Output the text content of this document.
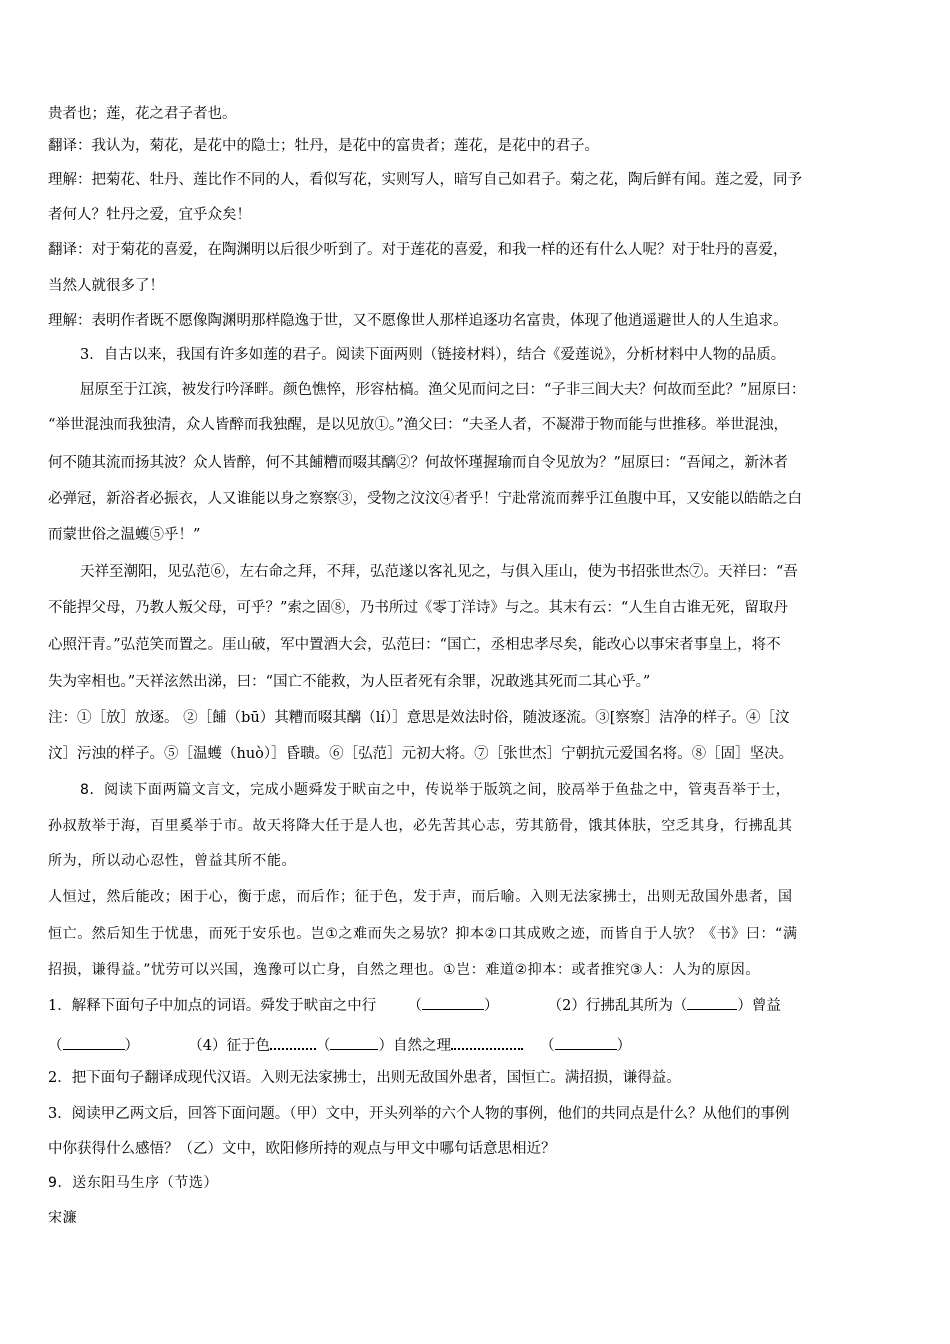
贵者也；莲，花之君子者也。
翻译：我认为，菊花，是花中的隐士；牡丹，是花中的富贵者；莲花，是花中的君子。
理解：把菊花、牡丹、莲比作不同的人，看似写花，实则写人，暗写自己如君子。菊之花，陶后鲜有闻。莲之爱，同予
者何人？牡丹之爱，宜乎众矣！
翻译：对于菊花的喜爱，在陶渊明以后很少听到了。对于莲花的喜爱，和我一样的还有什么人呢？对于牡丹的喜爱，
当然人就很多了！
理解：表明作者既不愿像陶渊明那样隐逸于世，又不愿像世人那样追逐功名富贵，体现了他逍遥避世人的人生追求。
3．自古以来，我国有许多如莲的君子。阅读下面两则（链接材料），结合《爱莲说》，分析材料中人物的品质。
屈原至于江滨，被发行吟泽畔。颜色憔悴，形容枯槁。渔父见而问之曰：“子非三闾大夫？何故而至此？”屈原曰：
“举世混浊而我独清，众人皆醉而我独醒，是以见放①。”渔父曰：“夫圣人者，不凝滞于物而能与世推移。举世混浊，
何不随其流而扬其波？众人皆醉，何不其餔糟而啜其醨②？何故怀瑾握瑜而自令见放为？”屈原曰：“吾闻之，新沐者
必弹冠，新浴者必振衣，人又谁能以身之察察③，受物之汶汶④者乎！宁赴常流而葬乎江鱼腹中耳，又安能以皓皓之白
而蒙世俗之温蠖⑤乎！”
天祥至潮阳，见弘范⑥，左右命之拜，不拜，弘范遂以客礼见之，与俱入厓山，使为书招张世杰⑦。天祥曰：“吾
不能捍父母，乃教人叛父母，可乎？”索之固⑧，乃书所过《零丁洋诗》与之。其末有云：“人生自古谁无死，留取丹
心照汗青。”弘范笑而置之。厓山破，军中置酒大会，弘范曰：“国亡，丞相忠孝尽矣，能改心以事宋者事皇上，将不
失为宰相也。”天祥泫然出涕，曰：“国亡不能救，为人臣者死有余罪，况敢逃其死而二其心乎。”
注：①［放］放逐。 ②［餔（bū）其糟而啜其醨（lí）］意思是效法时俗，随波逐流。③[察察］洁净的样子。④［汶
汶］污浊的样子。⑤［温蠖（huò）］昏聩。⑥［弘范］元初大将。⑦［张世杰］宁朝抗元爱国名将。⑧［固］坚决。
8．阅读下面两篇文言文，完成小题舜发于畎亩之中，传说举于版筑之间，胶鬲举于鱼盐之中，管夷吾举于士，
孙叔敖举于海，百里奚举于市。故天将降大任于是人也，必先苦其心志，劳其筋骨，饿其体肤，空乏其身，行拂乱其
所为，所以动心忍性，曾益其所不能。
人恒过，然后能改；困于心，衡于虑，而后作；征于色，发于声，而后喻。入则无法家拂士，出则无敌国外患者，国
恒亡。然后知生于忧患，而死于安乐也。岂①之难而失之易欤？抑本②口其成败之迹，而皆自于人欤？《书》曰：“满
招损，谦得益。”忧劳可以兴国，逸豫可以亡身，自然之理也。①岂：难道②抑本：或者推究③人：人为的原因。
1．解释下面句子中加点的词语。舜发于畎亩之中行 （	）	（2）行拂乱其所为（	）曾益
（	）	（4）征于色	（	）自然之理	（	）
2．把下面句子翻译成现代汉语。入则无法家拂士，出则无敌国外患者，国恒亡。满招损，谦得益。
3．阅读甲乙两文后，回答下面问题。（甲）文中，开头列举的六个人物的事例，他们的共同点是什么？从他们的事例
中你获得什么感悟？（乙）文中，欧阳修所持的观点与甲文中哪句话意思相近？
9．送东阳马生序（节选）
宋濂
